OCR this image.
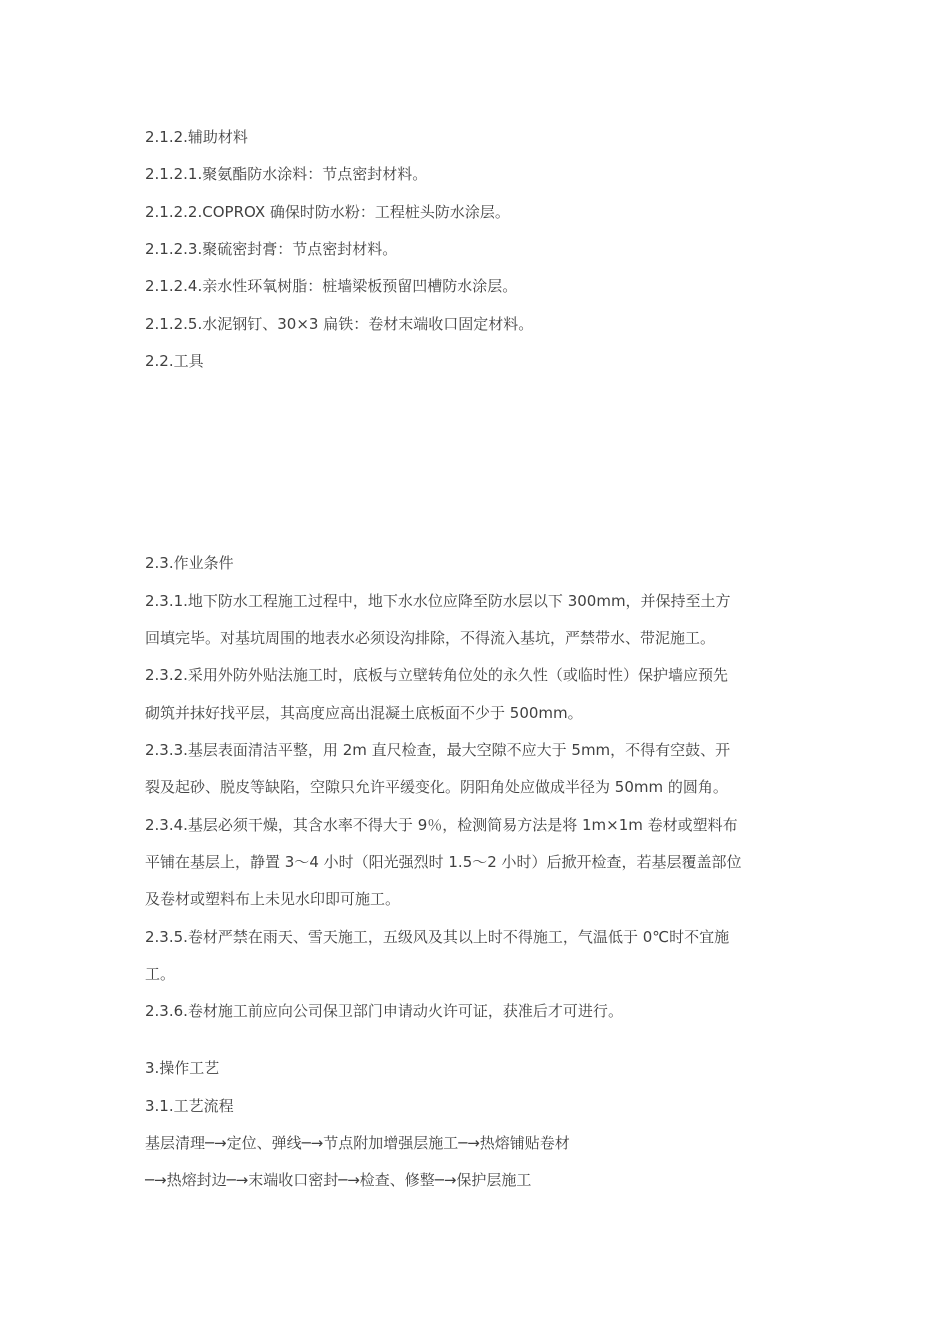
2.1.2.辅助材料
2.1.2.1.聚氨酯防水涂料：节点密封材料。
2.1.2.2.COPROX 确保时防水粉：工程桩头防水涂层。
2.1.2.3.聚硫密封膏：节点密封材料。
2.1.2.4.亲水性环氧树脂：桩墙梁板预留凹槽防水涂层。
2.1.2.5.水泥钢钉、30×3 扁铁：卷材末端收口固定材料。
2.2.工具
2.3.作业条件
2.3.1.地下防水工程施工过程中，地下水水位应降至防水层以下 300mm，并保持至土方
回填完毕。对基坑周围的地表水必须设沟排除，不得流入基坑，严禁带水、带泥施工。
2.3.2.采用外防外贴法施工时，底板与立壁转角位处的永久性（或临时性）保护墙应预先
砌筑并抹好找平层，其高度应高出混凝土底板面不少于 500mm。
2.3.3.基层表面清洁平整，用 2m 直尺检查，最大空隙不应大于 5mm，不得有空鼓、开
裂及起砂、脱皮等缺陷，空隙只允许平缓变化。阴阳角处应做成半径为 50mm 的圆角。
2.3.4.基层必须干燥，其含水率不得大于 9％，检测简易方法是将 1m×1m 卷材或塑料布
平铺在基层上，静置 3～4 小时（阳光强烈时 1.5～2 小时）后掀开检查，若基层覆盖部位
及卷材或塑料布上未见水印即可施工。
2.3.5.卷材严禁在雨天、雪天施工，五级风及其以上时不得施工，气温低于 0℃时不宜施
工。
2.3.6.卷材施工前应向公司保卫部门申请动火许可证，获准后才可进行。
3.操作工艺
3.1.工艺流程
基层清理─→定位、弹线─→节点附加增强层施工─→热熔铺贴卷材
─→热熔封边─→末端收口密封─→检查、修整─→保护层施工
